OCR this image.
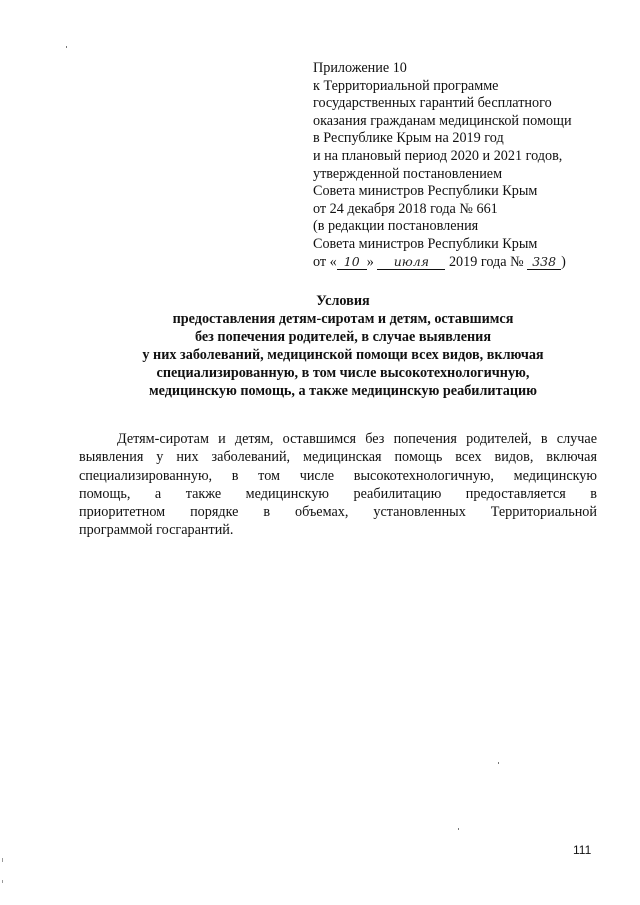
Приложение 10
к Территориальной программе
государственных гарантий бесплатного
оказания гражданам медицинской помощи
в Республике Крым на 2019 год
и на плановый период 2020 и 2021 годов,
утвержденной постановлением
Совета министров Республики Крым
от 24 декабря 2018 года № 661
(в редакции постановления
Совета министров Республики Крым
от « 10 » июля 2019 года № 338 )
Условия
предоставления детям-сиротам и детям, оставшимся
без попечения родителей, в случае выявления
у них заболеваний, медицинской помощи всех видов, включая
специализированную, в том числе высокотехнологичную,
медицинскую помощь, а также медицинскую реабилитацию
Детям-сиротам и детям, оставшимся без попечения родителей, в случае
выявления у них заболеваний, медицинская помощь всех видов, включая
специализированную, в том числе высокотехнологичную, медицинскую
помощь, а также медицинскую реабилитацию предоставляется в
приоритетном порядке в объемах, установленных Территориальной
программой госгарантий.
111
